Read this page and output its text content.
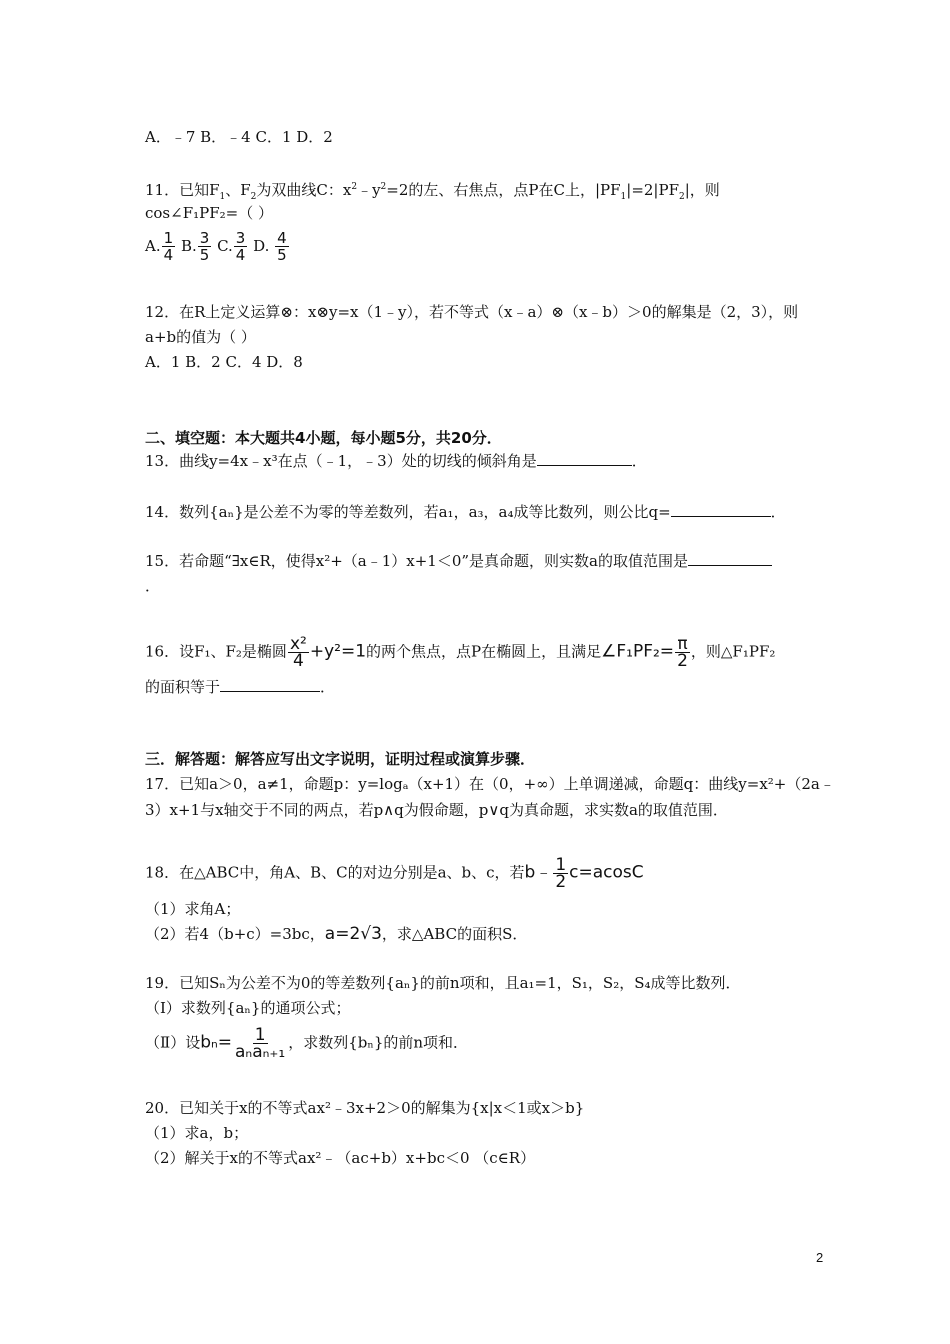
A．﹣7 B．﹣4 C．1 D．2
11．已知$F_1$、$F_2$为双曲线C：$x^2﹣y^2=2$的左、右焦点，点P在C上，$|PF_1|=2|PF_2|$，则
cos∠F₁PF₂=（ ）
A. $\frac{1}{4} B$. $\frac{3}{5} C$. $\frac{3}{4} D$. $\frac{4}{5}$
12．在R上定义运算⊗：x⊗y=x（1﹣y），若不等式（x﹣a）⊗（x﹣b）＞0的解集是（2，3），则
a+b的值为（ ）
A．1 B．2 C．4 D．8
二、填空题：本大题共4小题，每小题5分，共20分．
13．曲线y=4x﹣x³在点（﹣1，﹣3）处的切线的倾斜角是	．
14．数列{aₙ}是公差不为零的等差数列，若a₁，a₃，a₄成等比数列，则公比q=	．
15．若命题“∃x∈R，使得x²+（a﹣1）x+1＜0”是真命题，则实数a的取值范围是
．
16．设F₁、F₂是椭圆 $\frac{\text{x²}}{4} +y^2=1$的两个焦点，点P在椭圆上，且满足∠F₁PF₂= $\frac{\pi}{2}$ ，则△F₁PF₂
的面积等于	．
三．解答题：解答应写出文字说明，证明过程或演算步骤．
17．已知a＞0，a≠1，命题p：y=logₐ（x+1）在（0，+∞）上单调递减，命题q：曲线y=x²+（2a﹣
3）x+1与x轴交于不同的两点，若p∧q为假命题，p∨q为真命题，求实数a的取值范围．
18．在△ABC中，角A、B、C的对边分别是a、b、c，若b﹣ $\frac{1}{2} c=acosC$
（1）求角A；
（2）若4（b+c）=3bc，a=2√3，求△ABC的面积S．
19．已知Sₙ为公差不为0的等差数列{aₙ}的前n项和，且a₁=1，S₁，S₂，S₄成等比数列．
（Ⅰ）求数列{aₙ}的通项公式；
（Ⅱ）设$b_n= \frac{1}{\text{aₙaₙ₊₁}}$ ，求数列{bₙ}的前n项和．
20．已知关于x的不等式ax²﹣3x+2＞0的解集为{x|x＜1或x＞b}
（1）求a，b；
（2）解关于x的不等式ax²﹣（ac+b）x+bc＜0 （c∈R）
2
